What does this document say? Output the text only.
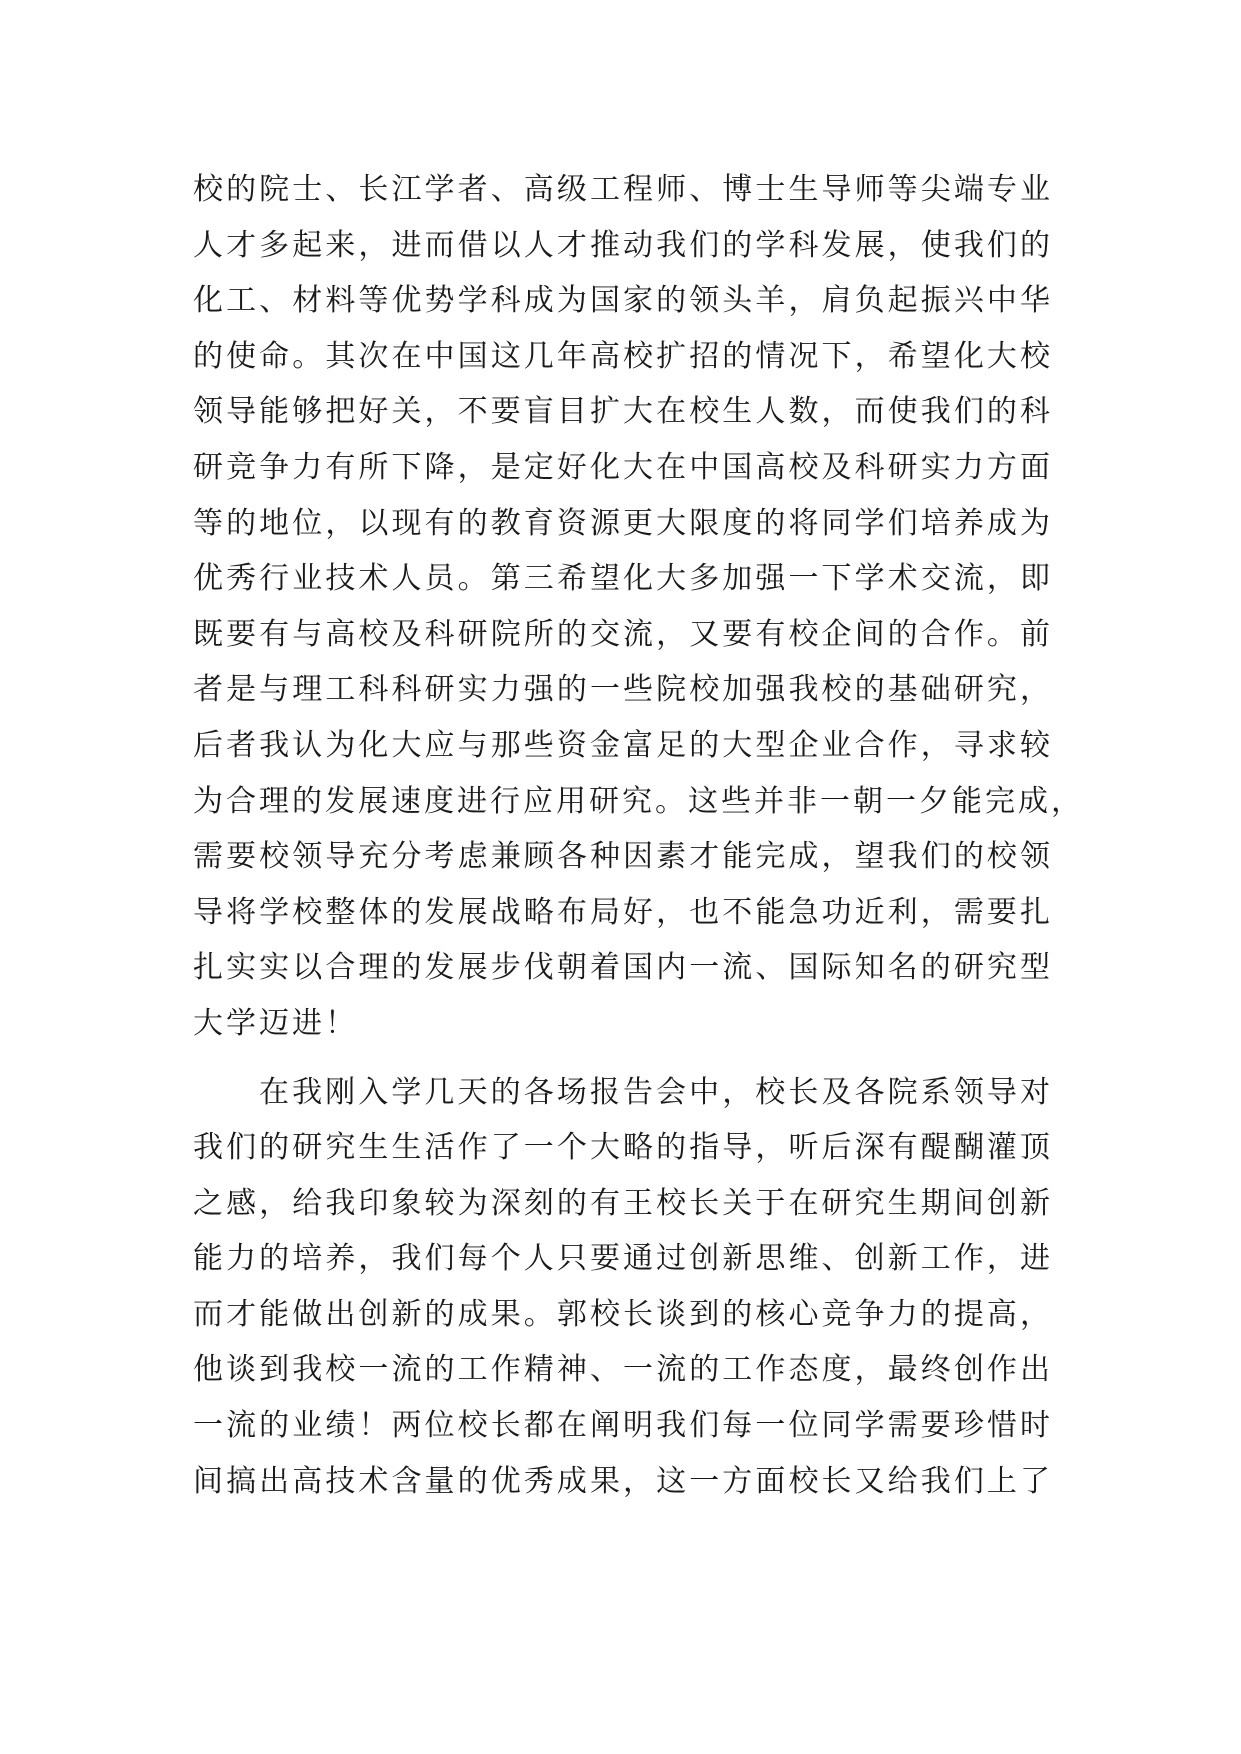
校的院士、长江学者、高级工程师、博士生导师等尖端专业
人才多起来，进而借以人才推动我们的学科发展，使我们的
化工、材料等优势学科成为国家的领头羊，肩负起振兴中华
的使命。其次在中国这几年高校扩招的情况下，希望化大校
领导能够把好关，不要盲目扩大在校生人数，而使我们的科
研竞争力有所下降，是定好化大在中国高校及科研实力方面
等的地位，以现有的教育资源更大限度的将同学们培养成为
优秀行业技术人员。第三希望化大多加强一下学术交流，即
既要有与高校及科研院所的交流，又要有校企间的合作。前
者是与理工科科研实力强的一些院校加强我校的基础研究，
后者我认为化大应与那些资金富足的大型企业合作，寻求较
为合理的发展速度进行应用研究。这些并非一朝一夕能完成，
需要校领导充分考虑兼顾各种因素才能完成，望我们的校领
导将学校整体的发展战略布局好，也不能急功近利，需要扎
扎实实以合理的发展步伐朝着国内一流、国际知名的研究型
大学迈进！
在我刚入学几天的各场报告会中，校长及各院系领导对
我们的研究生生活作了一个大略的指导，听后深有醍醐灌顶
之感，给我印象较为深刻的有王校长关于在研究生期间创新
能力的培养，我们每个人只要通过创新思维、创新工作，进
而才能做出创新的成果。郭校长谈到的核心竞争力的提高，
他谈到我校一流的工作精神、一流的工作态度，最终创作出
一流的业绩！两位校长都在阐明我们每一位同学需要珍惜时
间搞出高技术含量的优秀成果，这一方面校长又给我们上了
